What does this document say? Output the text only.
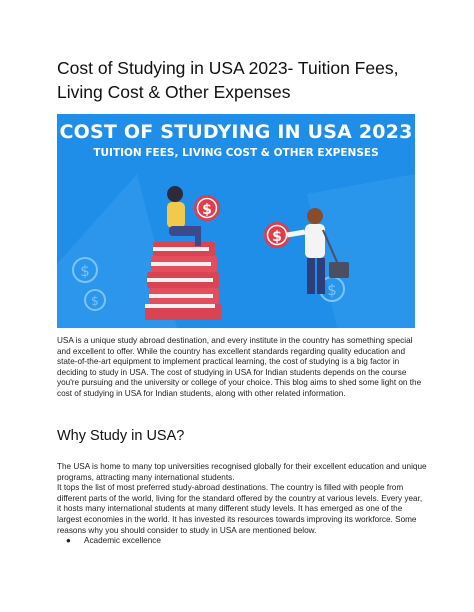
Cost of Studying in USA 2023- Tuition Fees, Living Cost & Other Expenses
$
$
$
$
$
COST OF STUDYING IN USA 2023
TUITION FEES, LIVING COST & OTHER EXPENSES

USA is a unique study abroad destination, and every institute in the country has something special and excellent to offer. While the country has excellent standards regarding quality education and state-of-the-art equipment to implement practical learning, the cost of studying is a big factor in deciding to study in USA. The cost of studying in USA for Indian students depends on the course you're pursuing and the university or college of your choice. This blog aims to shed some light on the cost of studying in USA for Indian students, along with other related information.

Why Study in USA?

The USA is home to many top universities recognised globally for their excellent education and unique programs, attracting many international students.

It tops the list of most preferred study-abroad destinations. The country is filled with people from different parts of the world, living for the standard offered by the country at various levels. Every year, it hosts many international students at many different study levels. It has emerged as one of the largest economies in the world. It has invested its resources towards improving its workforce. Some reasons why you should consider to study in USA are mentioned below.

● Academic excellence
